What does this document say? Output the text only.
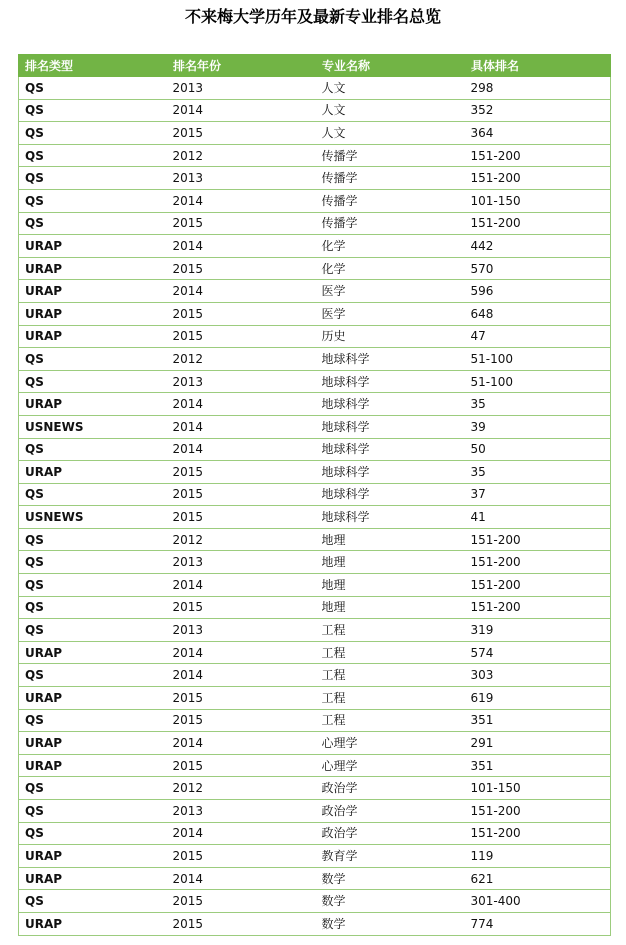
不来梅大学历年及最新专业排名总览
排名类型	排名年份	专业名称	具体排名
QS	2013	人文	298
QS	2014	人文	352
QS	2015	人文	364
QS	2012	传播学	151-200
QS	2013	传播学	151-200
QS	2014	传播学	101-150
QS	2015	传播学	151-200
URAP	2014	化学	442
URAP	2015	化学	570
URAP	2014	医学	596
URAP	2015	医学	648
URAP	2015	历史	47
QS	2012	地球科学	51-100
QS	2013	地球科学	51-100
URAP	2014	地球科学	35
USNEWS	2014	地球科学	39
QS	2014	地球科学	50
URAP	2015	地球科学	35
QS	2015	地球科学	37
USNEWS	2015	地球科学	41
QS	2012	地理	151-200
QS	2013	地理	151-200
QS	2014	地理	151-200
QS	2015	地理	151-200
QS	2013	工程	319
URAP	2014	工程	574
QS	2014	工程	303
URAP	2015	工程	619
QS	2015	工程	351
URAP	2014	心理学	291
URAP	2015	心理学	351
QS	2012	政治学	101-150
QS	2013	政治学	151-200
QS	2014	政治学	151-200
URAP	2015	教育学	119
URAP	2014	数学	621
QS	2015	数学	301-400
URAP	2015	数学	774
